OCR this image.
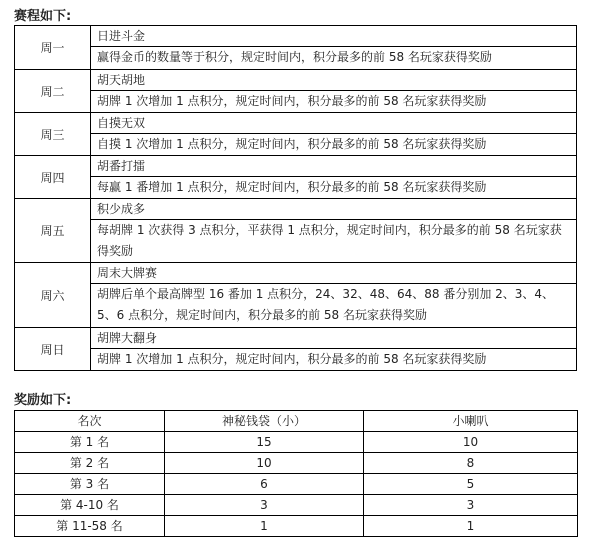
赛程如下:
周一	日进斗金
赢得金币的数量等于积分，规定时间内，积分最多的前 58 名玩家获得奖励

周二	胡天胡地
胡牌 1 次增加 1 点积分，规定时间内，积分最多的前 58 名玩家获得奖励

周三	自摸无双
自摸 1 次增加 1 点积分，规定时间内，积分最多的前 58 名玩家获得奖励

周四	胡番打擂
每赢 1 番增加 1 点积分，规定时间内，积分最多的前 58 名玩家获得奖励

周五	积少成多
每胡牌 1 次获得 3 点积分，平获得 1 点积分，规定时间内，积分最多的前 58 名玩家获得奖励

周六	周末大牌赛
胡牌后单个最高牌型 16 番加 1 点积分，24、32、48、64、88 番分别加 2、3、4、5、6 点积分，规定时间内，积分最多的前 58 名玩家获得奖励

周日	胡牌大翻身
胡牌 1 次增加 1 点积分，规定时间内，积分最多的前 58 名玩家获得奖励
奖励如下:
名次	神秘钱袋（小）	小喇叭
第 1 名	15	10
第 2 名	10	8
第 3 名	6	5
第 4-10 名	3	3
第 11-58 名	1	1
